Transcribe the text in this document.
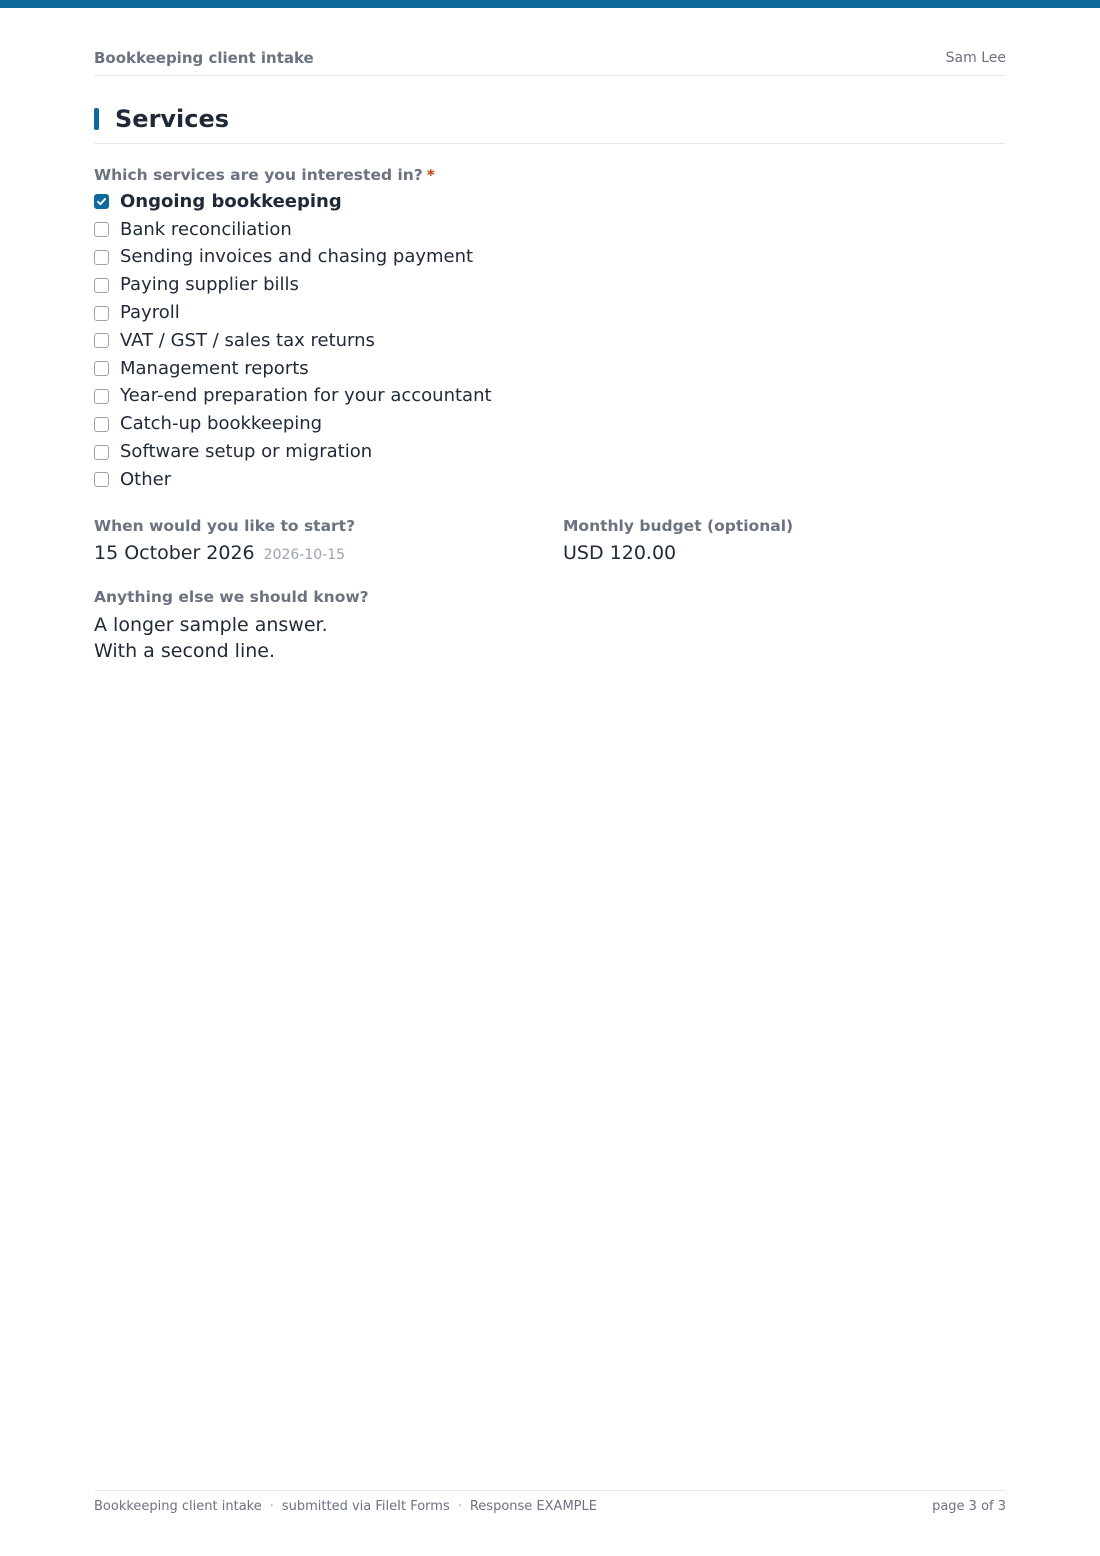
Bookkeeping client intake	Sam Lee
Services
Which services are you interested in? *
Ongoing bookkeeping
Bank reconciliation
Sending invoices and chasing payment
Paying supplier bills
Payroll
VAT / GST / sales tax returns
Management reports
Year-end preparation for your accountant
Catch-up bookkeeping
Software setup or migration
Other
When would you like to start?
15 October 2026 2026-10-15
Monthly budget (optional)
USD 120.00
Anything else we should know?
A longer sample answer.
With a second line.
Bookkeeping client intake · submitted via FileIt Forms · Response EXAMPLE	page 3 of 3
